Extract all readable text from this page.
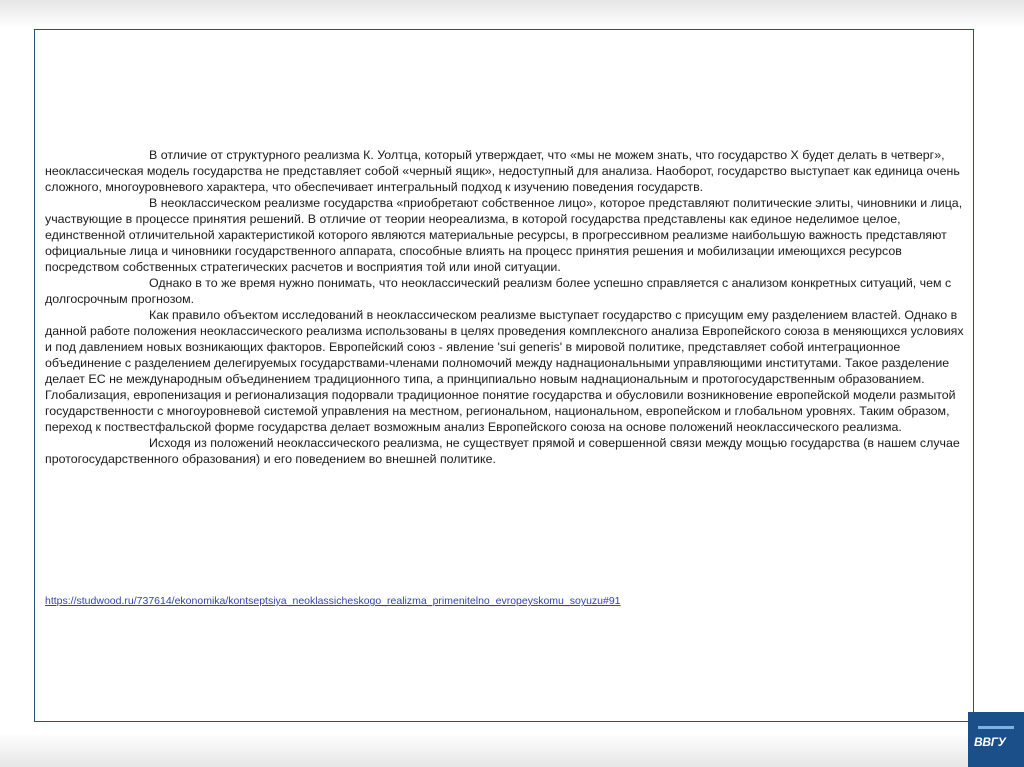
В отличие от структурного реализма К. Уолтца, который утверждает, что «мы не можем знать, что государство Х будет делать в четверг», неоклассическая модель государства не представляет собой «черный ящик», недоступный для анализа. Наоборот, государство выступает как единица очень сложного, многоуровневого характера, что обеспечивает интегральный подход к изучению поведения государств.

В неоклассическом реализме государства «приобретают собственное лицо», которое представляют политические элиты, чиновники и лица, участвующие в процессе принятия решений. В отличие от теории неореализма, в которой государства представлены как единое неделимое целое, единственной отличительной характеристикой которого являются материальные ресурсы, в прогрессивном реализме наибольшую важность представляют официальные лица и чиновники государственного аппарата, способные влиять на процесс принятия решения и мобилизации имеющихся ресурсов посредством собственных стратегических расчетов и восприятия той или иной ситуации.

Однако в то же время нужно понимать, что неоклассический реализм более успешно справляется с анализом конкретных ситуаций, чем с долгосрочным прогнозом.

Как правило объектом исследований в неоклассическом реализме выступает государство с присущим ему разделением властей. Однако в данной работе положения неоклассического реализма использованы в целях проведения комплексного анализа Европейского союза в меняющихся условиях и под давлением новых возникающих факторов. Европейский союз - явление 'sui generis' в мировой политике, представляет собой интеграционное объединение с разделением делегируемых государствами-членами полномочий между наднациональными управляющими институтами. Такое разделение делает ЕС не международным объединением традиционного типа, а принципиально новым наднациональным и протогосударственным образованием. Глобализация, европенизация и регионализация подорвали традиционное понятие государства и обусловили возникновение европейской модели размытой государственности с многоуровневой системой управления на местном, региональном, национальном, европейском и глобальном уровнях. Таким образом, переход к поствестфальской форме государства делает возможным анализ Европейского союза на основе положений неоклассического реализма.

Исходя из положений неоклассического реализма, не существует прямой и совершенной связи между мощью государства (в нашем случае протогосударственного образования) и его поведением во внешней политике.

https://studwood.ru/737614/ekonomika/kontseptsiya_neoklassicheskogo_realizma_primenitelno_evropeyskomu_soyuzu#91
ВВГУ
